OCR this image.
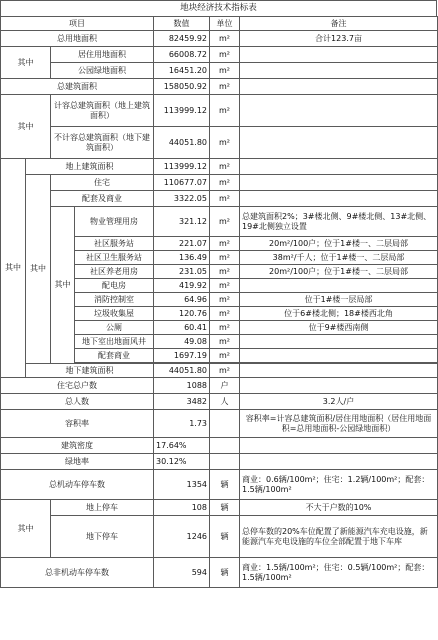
地块经济技术指标表
项目				数值	单位	备注
总用地面积				82459.92	m²	合计123.7亩
其中		居住用地面积		66008.72	m²	
		公园绿地面积		16451.20	m²	
总建筑面积				158050.92	m²	
其中		计容总建筑面积（地上建筑面积）		113999.12	m²	
		不计容总建筑面积（地下建筑面积）		44051.80	m²	
其中	地上建筑面积			113999.12	m²	
	其中	住宅		110677.07	m²	
		配套及商业		3322.05	m²	
		其中	物业管理用房	321.12	m²	总建筑面积2%；3#楼北侧、9#楼北侧、13#北侧、19#北侧独立设置
			社区服务站	221.07	m²	20m²/100户；位于1#楼一、二层局部
			社区卫生服务站	136.49	m²	38m²/千人；位于1#楼一、二层局部
			社区养老用房	231.05	m²	20m²/100户；位于1#楼一、二层局部
			配电房	419.92	m²	
			消防控制室	64.96	m²	位于1#楼一层局部
			垃圾收集屋	120.76	m²	位于6#楼北侧；18#楼西北角
			公厕	60.41	m²	位于9#楼西南侧
			地下室出地面风井	49.08	m²	
			配套商业	1697.19	m²	

	地下建筑面积			44051.80	m²	
住宅总户数				1088	户	
总人数				3482	人	3.2人/户
容积率				1.73		容积率=计容总建筑面积/居住用地面积（居住用地面积=总用地面积-公园绿地面积）
建筑密度				17.64%		
绿地率				30.12%		
总机动车停车数				1354	辆	商业：0.6辆/100m²；住宅：1.2辆/100m²；配套：1.5辆/100m²
其中		地上停车		108	辆	不大于户数的10%
		地下停车		1246	辆	总停车数的20%车位配置了新能源汽车充电设施，新能源汽车充电设施的车位全部配置于地下车库
总非机动车停车数				594	辆	商业：1.5辆/100m²；住宅：0.5辆/100m²；配套：1.5辆/100m²
